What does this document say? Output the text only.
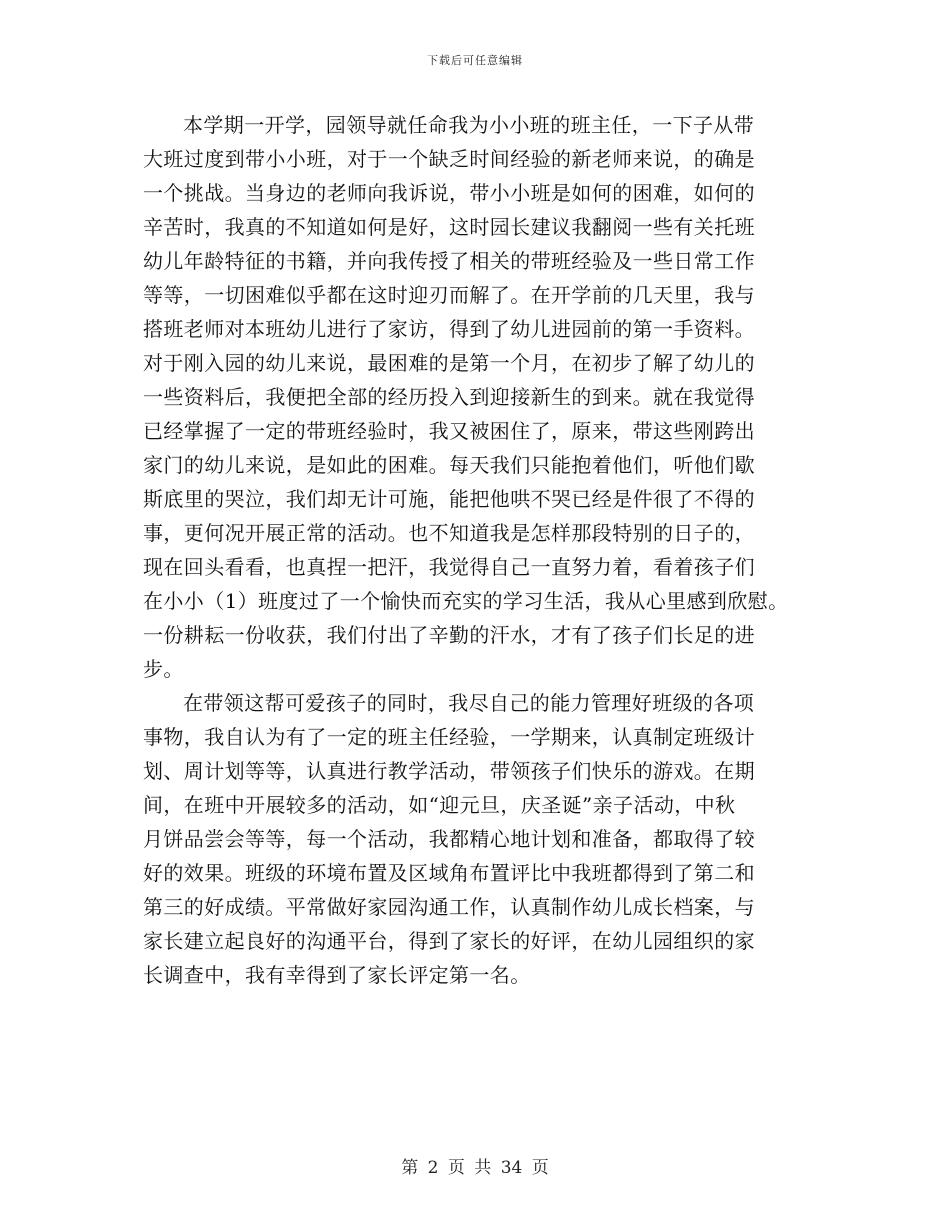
下载后可任意编辑
本学期一开学，园领导就任命我为小小班的班主任，一下子从带
大班过度到带小小班，对于一个缺乏时间经验的新老师来说，的确是
一个挑战。当身边的老师向我诉说，带小小班是如何的困难，如何的
辛苦时，我真的不知道如何是好，这时园长建议我翻阅一些有关托班
幼儿年龄特征的书籍，并向我传授了相关的带班经验及一些日常工作
等等，一切困难似乎都在这时迎刃而解了。在开学前的几天里，我与
搭班老师对本班幼儿进行了家访，得到了幼儿进园前的第一手资料。
对于刚入园的幼儿来说，最困难的是第一个月，在初步了解了幼儿的
一些资料后，我便把全部的经历投入到迎接新生的到来。就在我觉得
已经掌握了一定的带班经验时，我又被困住了，原来，带这些刚跨出
家门的幼儿来说，是如此的困难。每天我们只能抱着他们，听他们歇
斯底里的哭泣，我们却无计可施，能把他哄不哭已经是件很了不得的
事，更何况开展正常的活动。也不知道我是怎样那段特别的日子的，
现在回头看看，也真捏一把汗，我觉得自己一直努力着，看着孩子们
在小小（1）班度过了一个愉快而充实的学习生活，我从心里感到欣慰。
一份耕耘一份收获，我们付出了辛勤的汗水，才有了孩子们长足的进
步。
在带领这帮可爱孩子的同时，我尽自己的能力管理好班级的各项
事物，我自认为有了一定的班主任经验，一学期来，认真制定班级计
划、周计划等等，认真进行教学活动，带领孩子们快乐的游戏。在期
间，在班中开展较多的活动，如“迎元旦，庆圣诞”亲子活动，中秋
月饼品尝会等等，每一个活动，我都精心地计划和准备，都取得了较
好的效果。班级的环境布置及区域角布置评比中我班都得到了第二和
第三的好成绩。平常做好家园沟通工作，认真制作幼儿成长档案，与
家长建立起良好的沟通平台，得到了家长的好评，在幼儿园组织的家
长调查中，我有幸得到了家长评定第一名。
第 2 页 共 34 页
